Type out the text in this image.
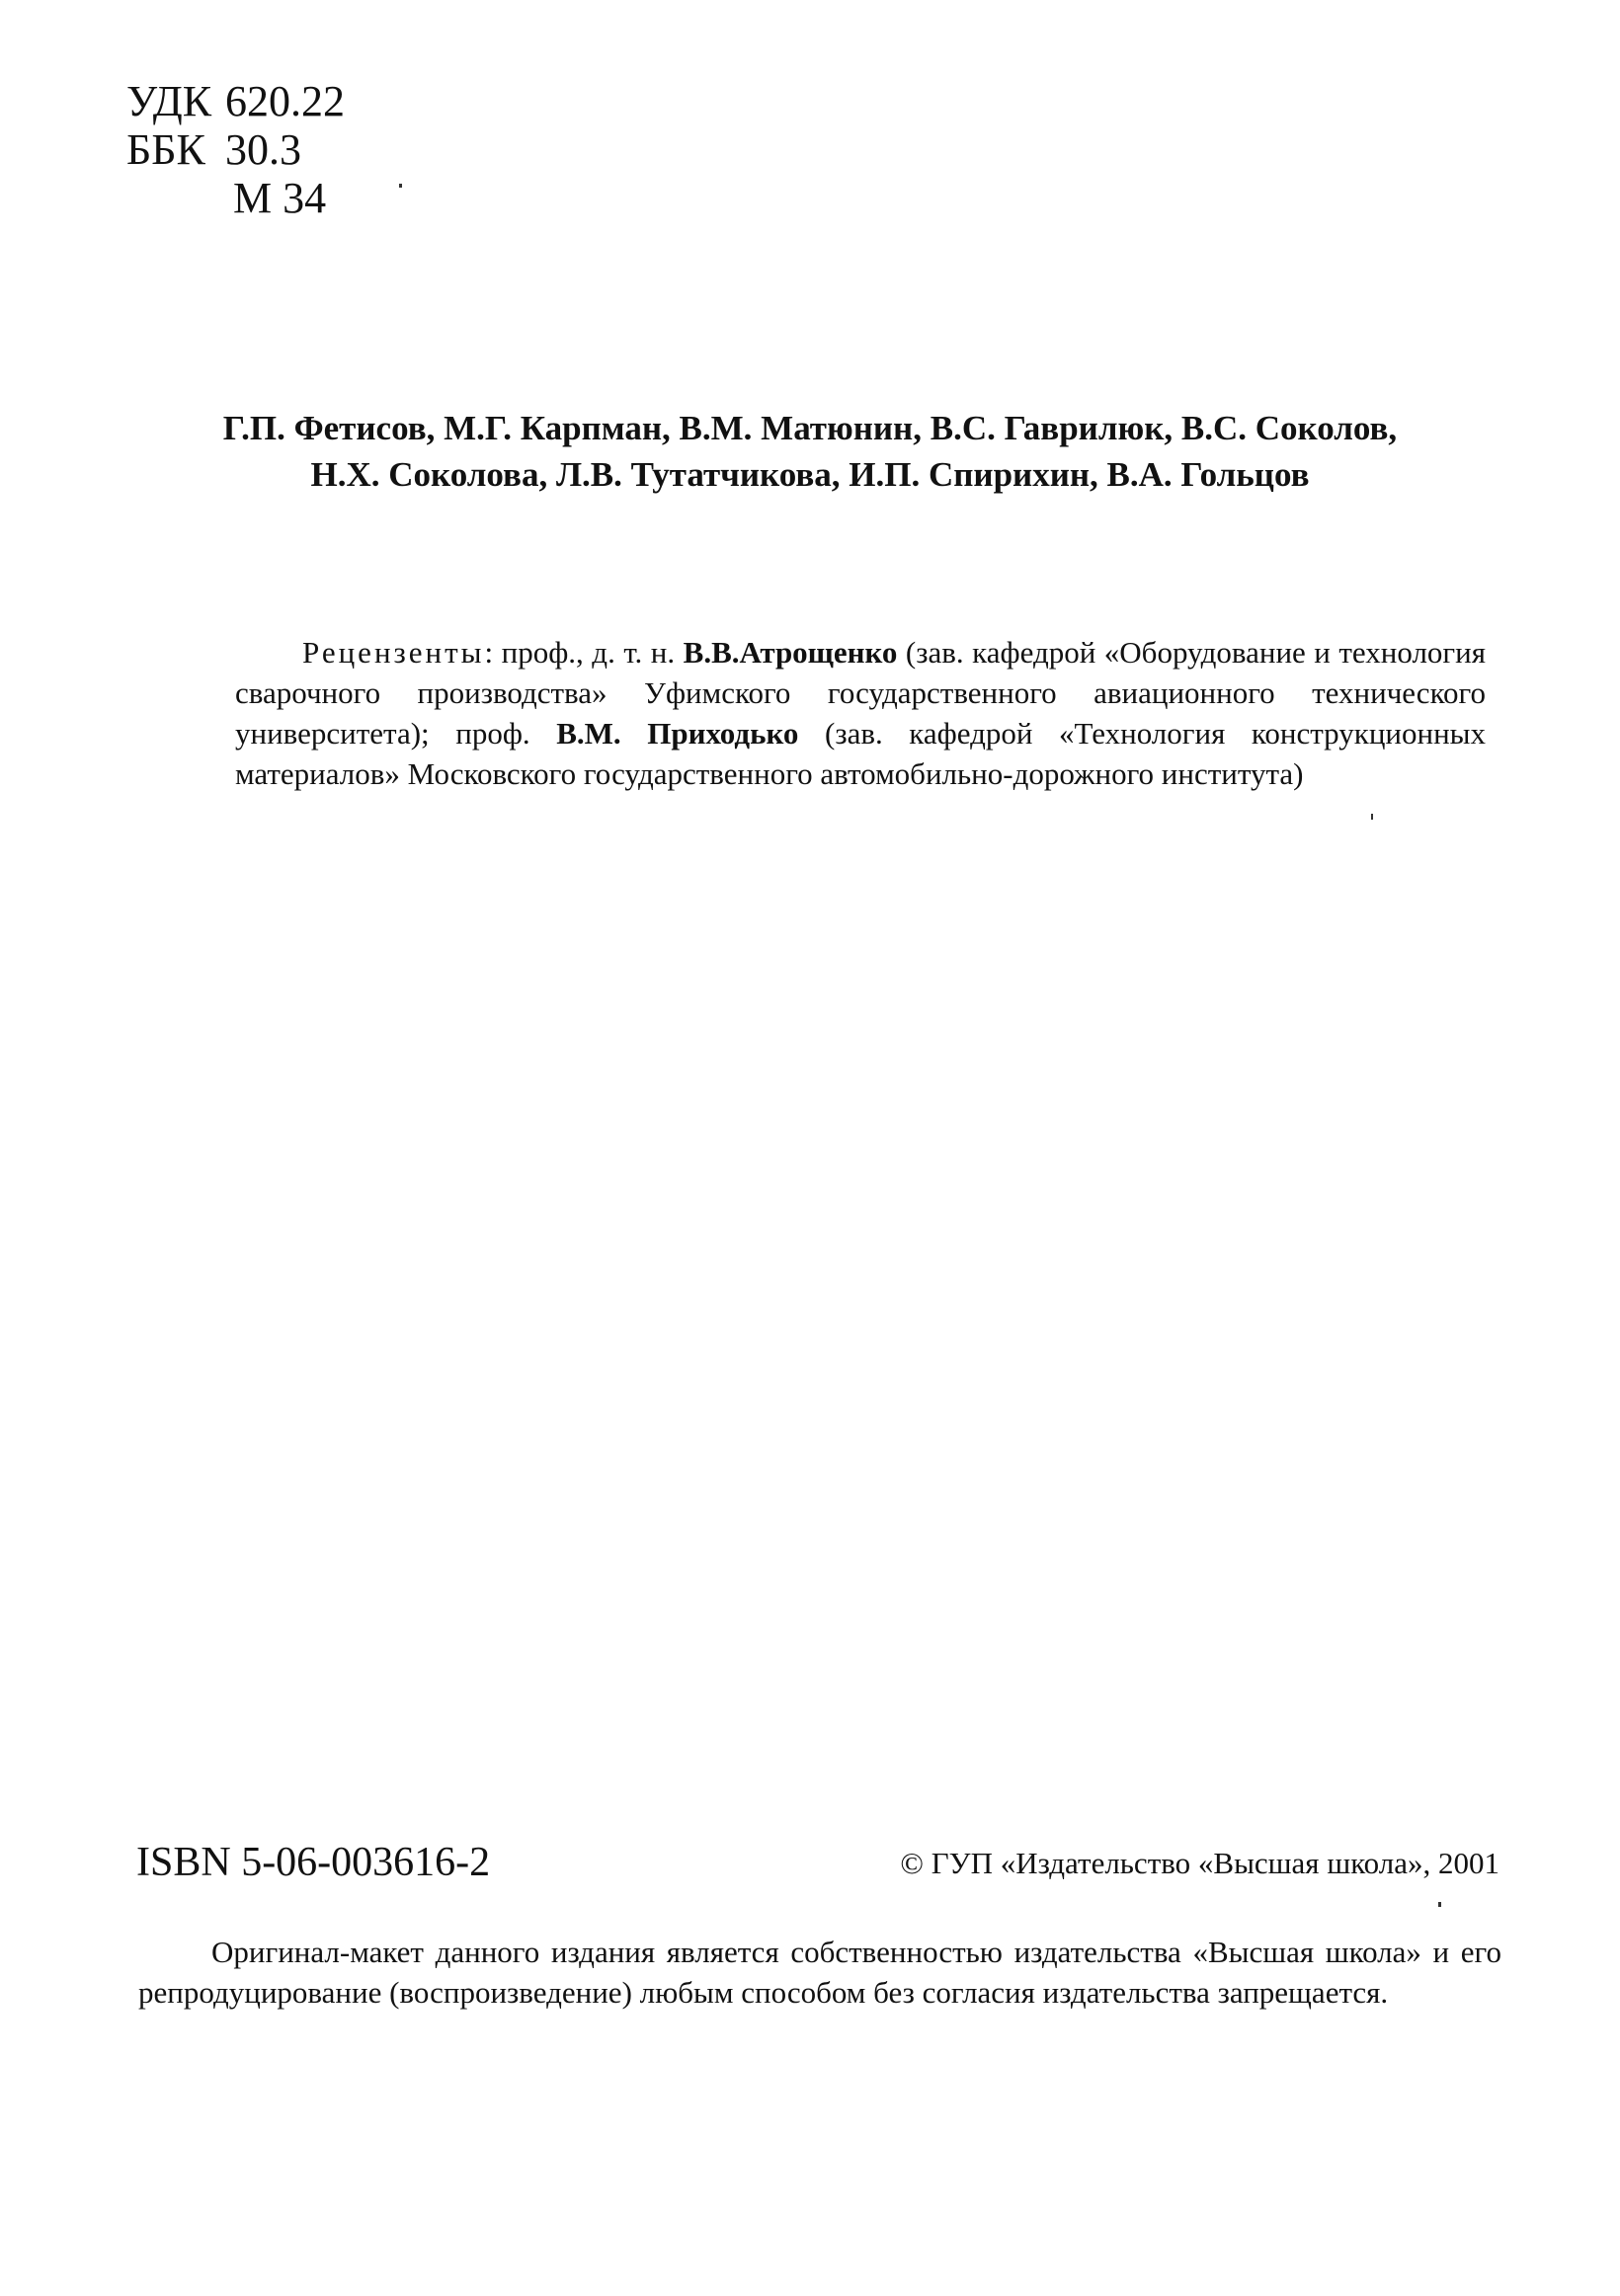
УДК 620.22
ББК 30.3
М 34
Г.П. Фетисов, М.Г. Карпман, В.М. Матюнин, В.С. Гаврилюк, В.С. Соколов,
Н.Х. Соколова, Л.В. Тутатчикова, И.П. Спирихин, В.А. Гольцов
Рецензенты: проф., д. т. н. В.В.Атрощенко (зав. кафедрой «Оборудование и технология сварочного производства» Уфимского государственного авиационного технического университета); проф. В.М. Приходько (зав. кафедрой «Технология конструкционных материалов» Московского государственного автомобильно-дорожного института)
ISBN 5-06-003616-2	© ГУП «Издательство «Высшая школа», 2001
Оригинал-макет данного издания является собственностью издательства «Высшая школа» и его репродуцирование (воспроизведение) любым способом без согласия издательства запрещается.
